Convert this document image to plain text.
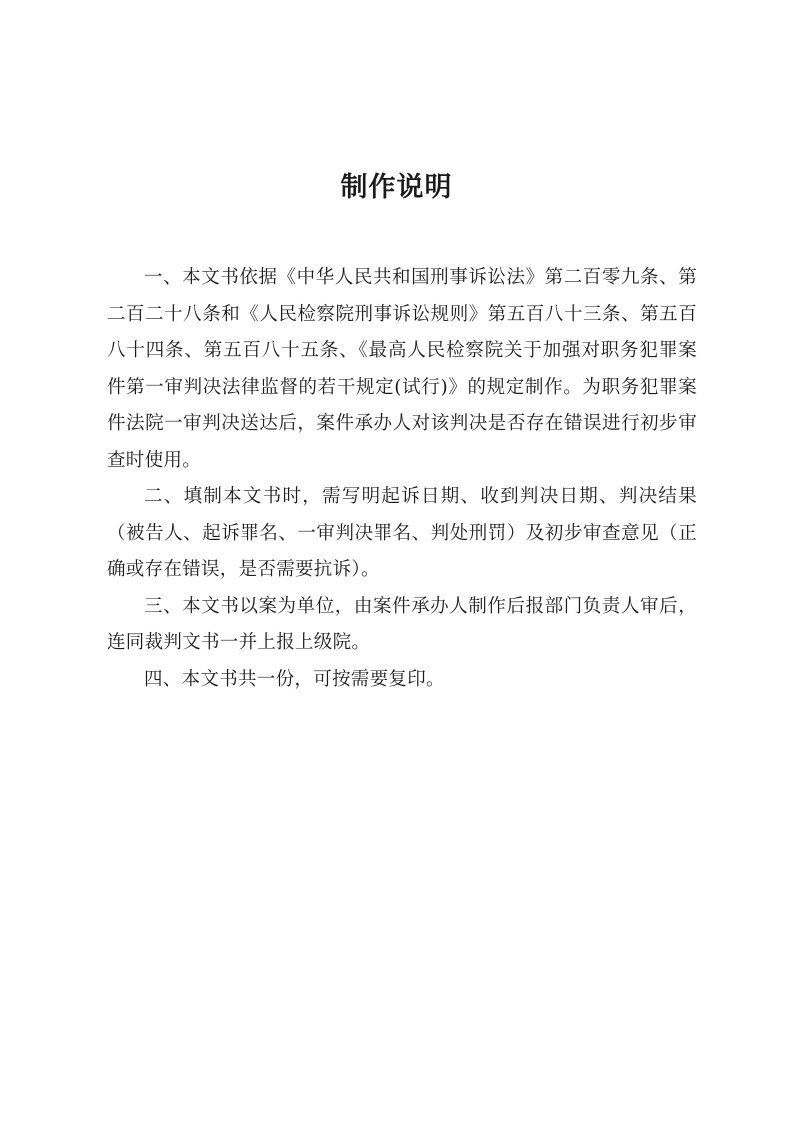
制作说明

一、本文书依据《中华人民共和国刑事诉讼法》第二百零九条、第二百二十八条和《人民检察院刑事诉讼规则》第五百八十三条、第五百八十四条、第五百八十五条、《最高人民检察院关于加强对职务犯罪案件第一审判决法律监督的若干规定(试行)》的规定制作。为职务犯罪案件法院一审判决送达后，案件承办人对该判决是否存在错误进行初步审查时使用。

二、填制本文书时，需写明起诉日期、收到判决日期、判决结果（被告人、起诉罪名、一审判决罪名、判处刑罚）及初步审查意见（正确或存在错误，是否需要抗诉）。

三、本文书以案为单位，由案件承办人制作后报部门负责人审后，连同裁判文书一并上报上级院。

四、本文书共一份，可按需要复印。
